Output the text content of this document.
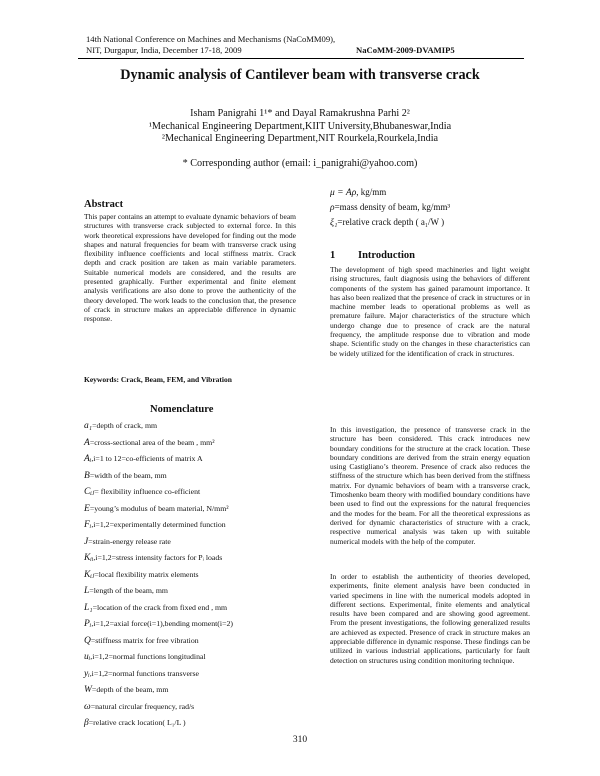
14th National Conference on Machines and Mechanisms (NaCoMM09),
NIT, Durgapur, India, December 17-18, 2009	NaCoMM-2009-DVAMIP5
Dynamic analysis of Cantilever beam with transverse crack
Isham Panigrahi 1¹* and Dayal Ramakrushna Parhi 2²
¹Mechanical Engineering Department,KIIT University,Bhubaneswar,India
²Mechanical Engineering Department,NIT Rourkela,Rourkela,India
* Corresponding author (email: i_panigrahi@yahoo.com)
Abstract
This paper contains an attempt to evaluate dynamic behaviors of beam structures with transverse crack subjected to external force. In this work theoretical expressions have developed for finding out the mode shapes and natural frequencies for beam with transverse crack using flexibility influence coefficients and local stiffness matrix. Crack depth and crack position are taken as main variable parameters. Suitable numerical models are considered, and the results are presented graphically. Further experimental and finite element analysis verifications are also done to prove the authenticity of the theory developed. The work leads to the conclusion that, the presence of crack in structure makes an appreciable difference in dynamic response.
Keywords: Crack, Beam, FEM, and Vibration
Nomenclature
a₁=depth of crack, mm
A=cross-sectional area of the beam , mm²
Aᵢ,i=1 to 12=co-efficients of matrix A
B=width of the beam, mm
Cᵢⱼ= flexibility influence co-efficient
E=young’s modulus of beam material, N/mm²
Fᵢ,i=1,2=experimentally determined function
J=strain-energy release rate
Kᵢᵢ,i=1,2=stress intensity factors for Pᵢ loads
Kᵢⱼ=local flexibility matrix elements
L=length of the beam, mm
L₁=location of the crack from fixed end , mm
Pᵢ,i=1,2=axial force(i=1),bending moment(i=2)
Q=stiffness matrix for free vibration
uᵢ,i=1,2=normal functions longitudinal
yᵢ,i=1,2=normal functions transverse
W=depth of the beam, mm
ω=natural circular frequency, rad/s
β=relative crack location( L₁/L )
μ = Aρ, kg/mm
ρ=mass density of beam, kg/mm³
ξ₁=relative crack depth ( a₁/W )
1 Introduction
The development of high speed machineries and light weight rising structures, fault diagnosis using the behaviors of different components of the system has gained paramount importance. It has also been realized that the presence of crack in structures or in machine member leads to operational problems as well as premature failure. Major characteristics of the structure which undergo change due to presence of crack are the natural frequency, the amplitude response due to vibration and mode shape. Scientific study on the changes in these characteristics can be widely utilized for the identification of crack in structures.
In this investigation, the presence of transverse crack in the structure has been considered. This crack introduces new boundary conditions for the structure at the crack location. These boundary conditions are derived from the strain energy equation using Castigliano’s theorem. Presence of crack also reduces the stiffness of the structure which has been derived from the stiffness matrix. For dynamic behaviors of beam with a transverse crack, Timoshenko beam theory with modified boundary conditions have been used to find out the expressions for the natural frequencies and the modes for the beam. For all the theoretical expressions as derived for dynamic characteristics of structure with a crack, respective numerical analysis was taken up with suitable numerical models with the help of the computer.
In order to establish the authenticity of theories developed, experiments, finite element analysis have been conducted in varied specimens in line with the numerical models adopted in different sections. Experimental, finite elements and analytical results have been compared and are showing good agreement. From the present investigations, the following generalized results are achieved as expected. Presence of crack in structure makes an appreciable difference in dynamic response. These findings can be utilized in various industrial applications, particularly for fault detection on structures using condition monitoring technique.
310
